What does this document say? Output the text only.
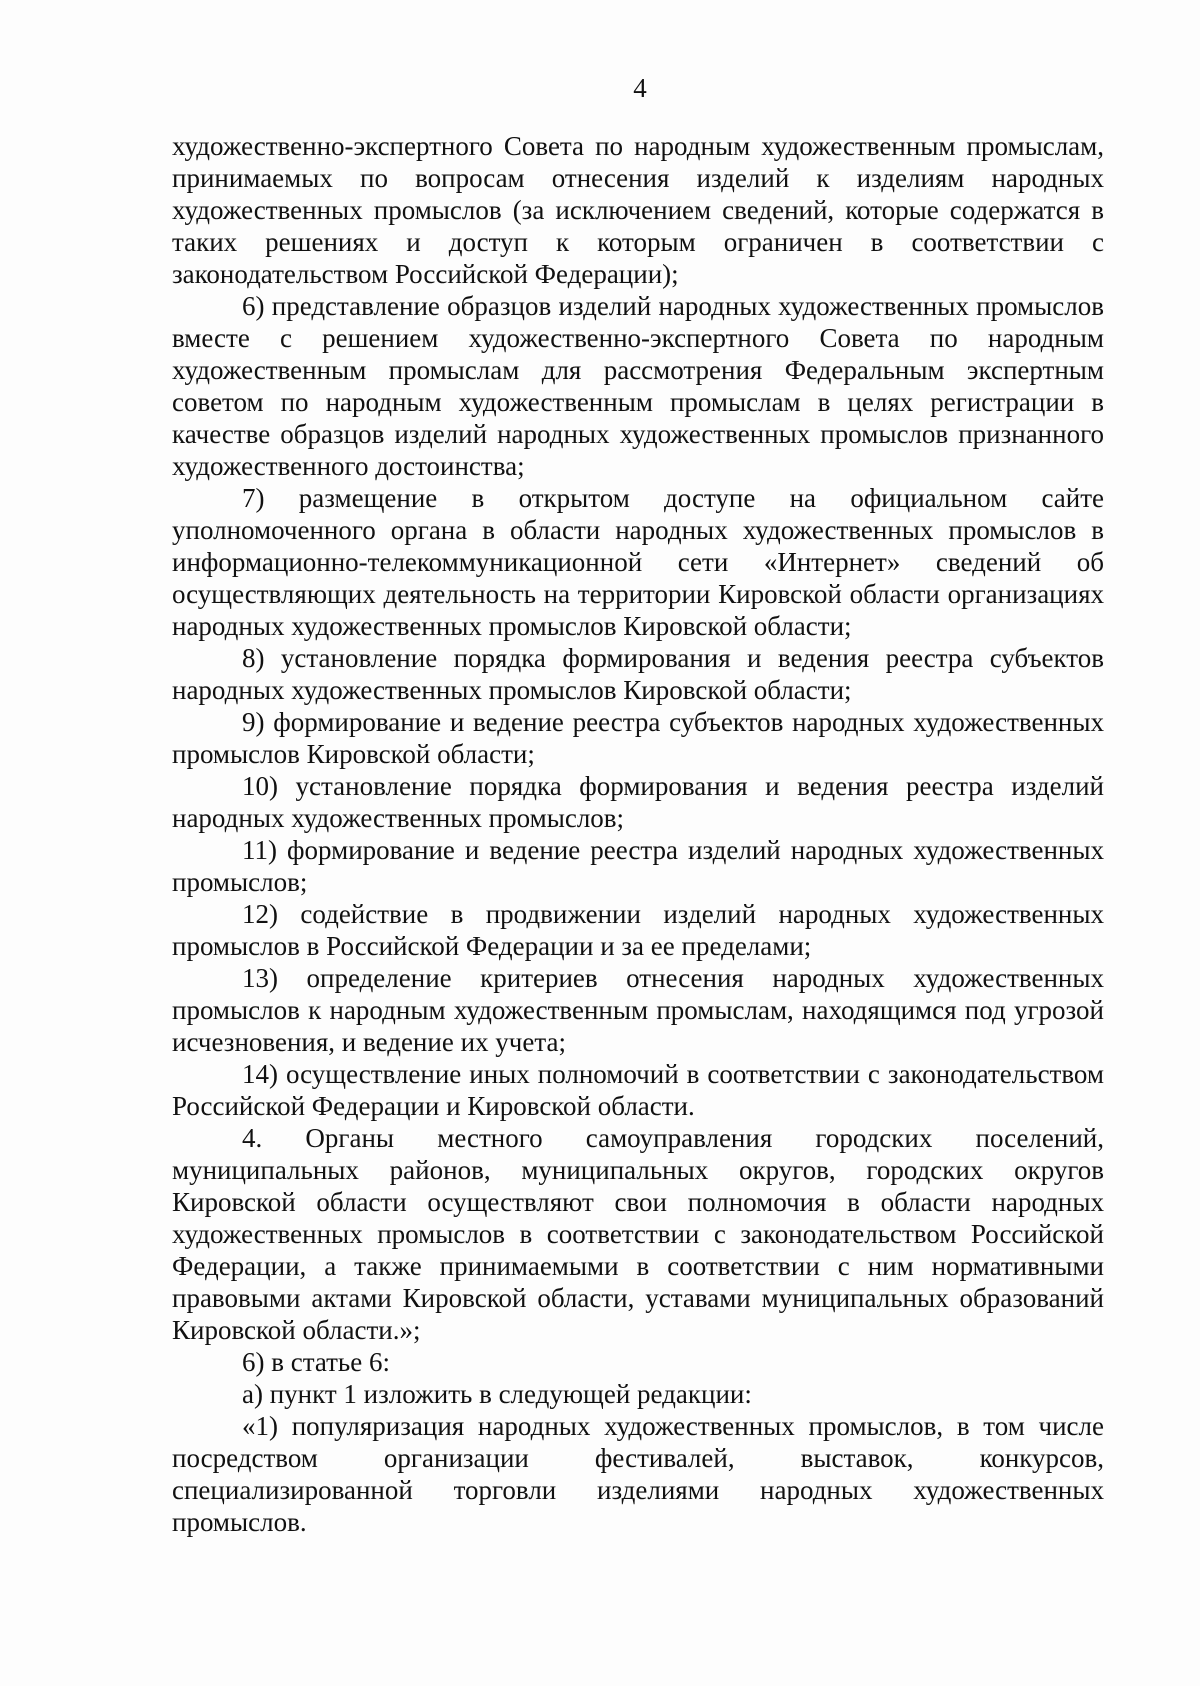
4

художественно-экспертного Совета по народным художественным промыслам, принимаемых по вопросам отнесения изделий к изделиям народных художественных промыслов (за исключением сведений, которые содержатся в таких решениях и доступ к которым ограничен в соответствии с законодательством Российской Федерации);

6) представление образцов изделий народных художественных промыслов вместе с решением художественно-экспертного Совета по народным художественным промыслам для рассмотрения Федеральным экспертным советом по народным художественным промыслам в целях регистрации в качестве образцов изделий народных художественных промыслов признанного художественного достоинства;

7) размещение в открытом доступе на официальном сайте уполномоченного органа в области народных художественных промыслов в информационно-телекоммуникационной сети «Интернет» сведений об осуществляющих деятельность на территории Кировской области организациях народных художественных промыслов Кировской области;

8) установление порядка формирования и ведения реестра субъектов народных художественных промыслов Кировской области;

9) формирование и ведение реестра субъектов народных художественных промыслов Кировской области;

10) установление порядка формирования и ведения реестра изделий народных художественных промыслов;

11) формирование и ведение реестра изделий народных художественных промыслов;

12) содействие в продвижении изделий народных художественных промыслов в Российской Федерации и за ее пределами;

13) определение критериев отнесения народных художественных промыслов к народным художественным промыслам, находящимся под угрозой исчезновения, и ведение их учета;

14) осуществление иных полномочий в соответствии с законодательством Российской Федерации и Кировской области.

4. Органы местного самоуправления городских поселений, муниципальных районов, муниципальных округов, городских округов Кировской области осуществляют свои полномочия в области народных художественных промыслов в соответствии с законодательством Российской Федерации, а также принимаемыми в соответствии с ним нормативными правовыми актами Кировской области, уставами муниципальных образований Кировской области.»;

6) в статье 6:

а) пункт 1 изложить в следующей редакции:

«1) популяризация народных художественных промыслов, в том числе посредством организации фестивалей, выставок, конкурсов, специализированной торговли изделиями народных художественных промыслов.
